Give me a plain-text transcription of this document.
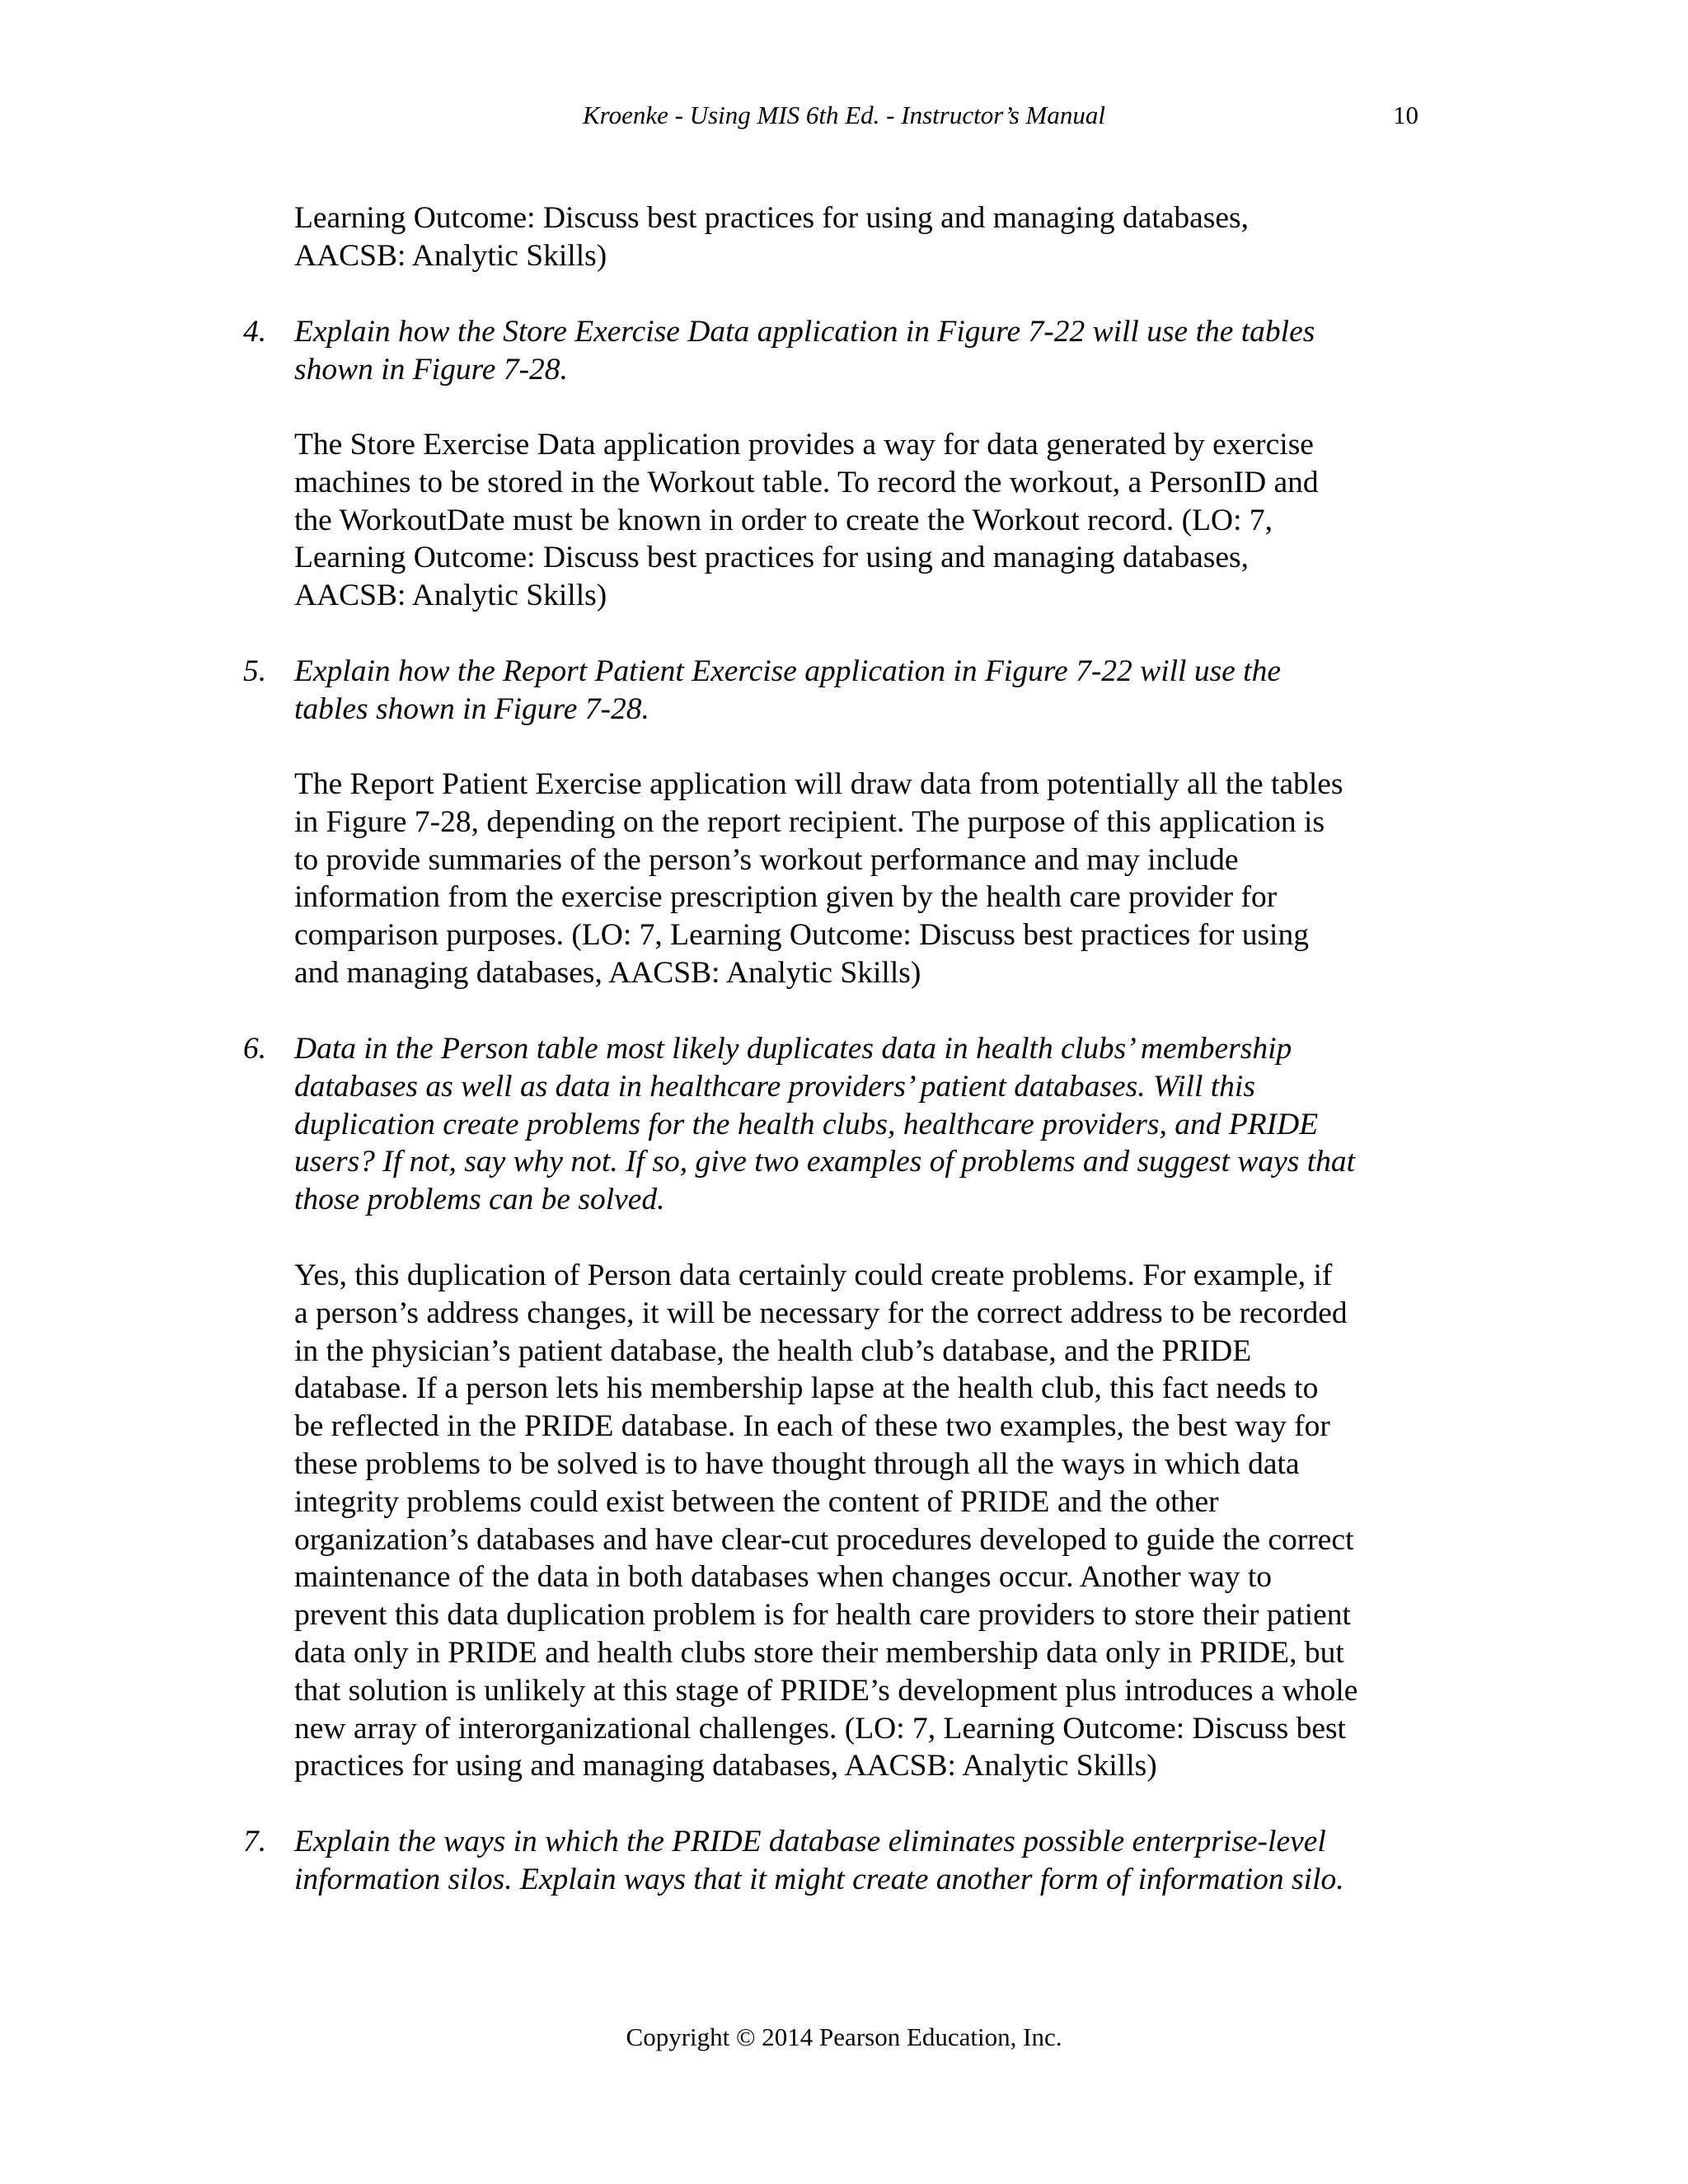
Kroenke - Using MIS 6th Ed. - Instructor’s Manual	10
Learning Outcome: Discuss best practices for using and managing databases,
AACSB: Analytic Skills)
4. Explain how the Store Exercise Data application in Figure 7-22 will use the tables
shown in Figure 7-28.
The Store Exercise Data application provides a way for data generated by exercise
machines to be stored in the Workout table. To record the workout, a PersonID and
the WorkoutDate must be known in order to create the Workout record. (LO: 7,
Learning Outcome: Discuss best practices for using and managing databases,
AACSB: Analytic Skills)
5. Explain how the Report Patient Exercise application in Figure 7-22 will use the
tables shown in Figure 7-28.
The Report Patient Exercise application will draw data from potentially all the tables
in Figure 7-28, depending on the report recipient. The purpose of this application is
to provide summaries of the person’s workout performance and may include
information from the exercise prescription given by the health care provider for
comparison purposes. (LO: 7, Learning Outcome: Discuss best practices for using
and managing databases, AACSB: Analytic Skills)
6. Data in the Person table most likely duplicates data in health clubs’ membership
databases as well as data in healthcare providers’ patient databases. Will this
duplication create problems for the health clubs, healthcare providers, and PRIDE
users? If not, say why not. If so, give two examples of problems and suggest ways that
those problems can be solved.
Yes, this duplication of Person data certainly could create problems. For example, if
a person’s address changes, it will be necessary for the correct address to be recorded
in the physician’s patient database, the health club’s database, and the PRIDE
database. If a person lets his membership lapse at the health club, this fact needs to
be reflected in the PRIDE database. In each of these two examples, the best way for
these problems to be solved is to have thought through all the ways in which data
integrity problems could exist between the content of PRIDE and the other
organization’s databases and have clear-cut procedures developed to guide the correct
maintenance of the data in both databases when changes occur. Another way to
prevent this data duplication problem is for health care providers to store their patient
data only in PRIDE and health clubs store their membership data only in PRIDE, but
that solution is unlikely at this stage of PRIDE’s development plus introduces a whole
new array of interorganizational challenges. (LO: 7, Learning Outcome: Discuss best
practices for using and managing databases, AACSB: Analytic Skills)
7. Explain the ways in which the PRIDE database eliminates possible enterprise-level
information silos. Explain ways that it might create another form of information silo.
Copyright © 2014 Pearson Education, Inc.
